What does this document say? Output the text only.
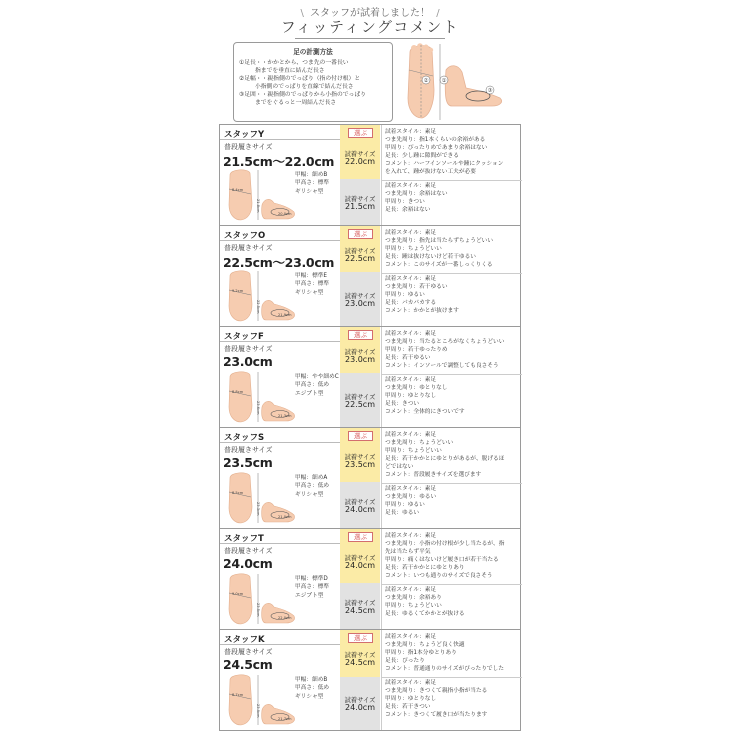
\ スタッフが試着しました！ /
フィッティングコメント
足の計測方法
①足長・・かかとから、つま先の一番長い
指までを垂直に結んだ長さ
②足幅・・親指側のでっぱり（指の付け根）と
小指側のでっぱりを直線で結んだ長さ
③足囲・・親指側のでっぱりから小指のでっぱり
までをぐるっと一周結んだ長さ
② ①
③
スタッフY
普段履きサイズ
21.5cm〜22.0cm
8.4cm
21.8cm
20.0cm
甲幅：細めB
甲高さ：標準
ギリシャ型
選ぶ
試着サイズ
22.0cm
試着サイズ
21.5cm
試着スタイル：素足
つま先周り：指1本くらいの余裕がある
甲周り：ぴったりめであまり余裕はない
足長：少し踵に隙間ができる
コメント：ハーフインソールや踵にクッション
を入れて、踵が抜けない工夫が必要
試着スタイル：素足
つま先周り：余裕はない
甲周り：きつい
足長：余裕はない
スタッフO
普段履きサイズ
22.5cm〜23.0cm
9.2cm
22.5cm
21.9cm
甲幅：標準E
甲高さ：標準
ギリシャ型
選ぶ
試着サイズ
22.5cm
試着サイズ
23.0cm
試着スタイル：素足
つま先周り：指先は当たらずちょうどいい
甲周り：ちょうどいい
足長：踵は抜けないけど若干ゆるい
コメント：このサイズが一番しっくりくる
試着スタイル：素足
つま先周り：若干ゆるい
甲周り：ゆるい
足長：パカパカする
コメント：かかとが抜けます
スタッフF
普段履きサイズ
23.0cm
8.8cm
23.6cm
21.3cm
甲幅：やや細めC
甲高さ：低め
エジプト型
選ぶ
試着サイズ
23.0cm
試着サイズ
22.5cm
試着スタイル：素足
つま先周り：当たるところがなくちょうどいい
甲周り：若干ゆったりめ
足長：若干ゆるい
コメント：インソールで調整しても良さそう
試着スタイル：素足
つま先周り：ゆとりなし
甲周り：ゆとりなし
足長：きつい
コメント：全体的にきついです
スタッフS
普段履きサイズ
23.5cm
8.5cm
23.3cm
21.0cm
甲幅：細めA
甲高さ：低め
ギリシャ型
選ぶ
試着サイズ
23.5cm
試着サイズ
24.0cm
試着スタイル：素足
つま先周り：ちょうどいい
甲周り：ちょうどいい
足長：若干かかとにゆとりがあるが、脱げるほ
どではない
コメント：普段履きサイズを選びます
試着スタイル：素足
つま先周り：ゆるい
甲周り：ゆるい
足長：ゆるい
スタッフT
普段履きサイズ
24.0cm
9.0cm
23.5cm
22.0cm
甲幅：標準D
甲高さ：標準
エジプト型
選ぶ
試着サイズ
24.0cm
試着サイズ
24.5cm
試着スタイル：素足
つま先周り：小指の付け根が少し当たるが、指
先は当たらず平気
甲周り：痛くはないけど履き口が若干当たる
足長：若干かかとにゆとりあり
コメント：いつも通りのサイズで良さそう
試着スタイル：素足
つま先周り：余裕あり
甲周り：ちょうどいい
足長：ゆるくてかかとが抜ける
スタッフK
普段履きサイズ
24.5cm
8.7cm
23.9cm
21.7cm
甲幅：細めB
甲高さ：低め
ギリシャ型
選ぶ
試着サイズ
24.5cm
試着サイズ
24.0cm
試着スタイル：素足
つま先周り：ちょうど良く快適
甲周り：指1本分ゆとりあり
足長：ぴったり
コメント：普通通りのサイズがぴったりでした
試着スタイル：素足
つま先周り：きつくて親指小指が当たる
甲周り：ゆとりなし
足長：若干きつい
コメント：きつくて履き口が当たります
